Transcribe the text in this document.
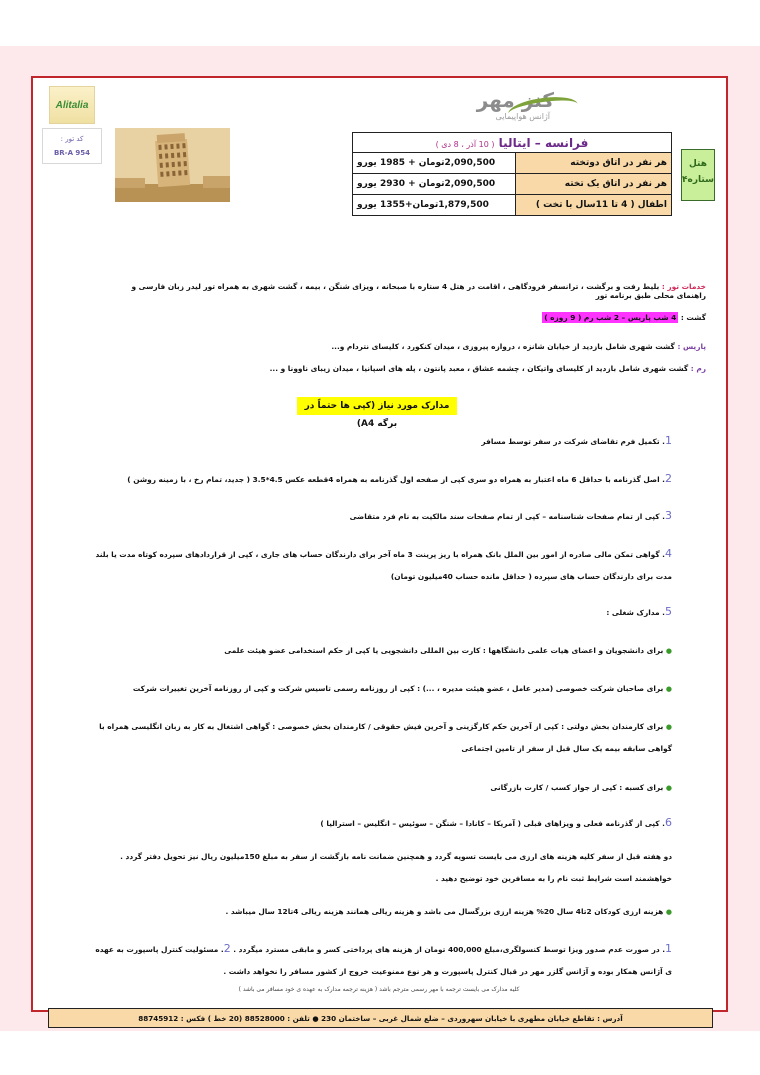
Alitalia
کد تور :
BR-A 954
کنز مهر
آژانس هواپیمایی
فرانسه – ایتالیا ( 10 آذر ، 8 دی )	
هر نفر در اتاق دوتخته	2,090,500تومان + 1985 یورو
هر نفر در اتاق یک تخته	2,090,500تومان + 2930 یورو
اطفال ( 4 تا 11سال با تخت )	1,879,500تومان+1355 یورو
هتل
۴ستاره
خدمات تور : بلیط رفت و برگشت ، ترانسفر فرودگاهی ، اقامت در هتل 4 ستاره با صبحانه ، ویزای شنگن ، بیمه ، گشت شهری به همراه تور لیدر زبان فارسی و راهنمای محلی طبق برنامه تور
گشت : 4 شب پاریس – 2 شب رم ( 9 روزه )
پاریس : گشت شهری شامل بازدید از خیابان شانزه ، دروازه پیروزی ، میدان کنکورد ، کلیسای نتردام و...
رم : گشت شهری شامل بازدید از کلیسای واتیکان ، چشمه عشاق ، معبد پانتون ، پله های اسپانیا ، میدان زیبای ناوونا و ...
مدارک مورد نیاز (کپی ها حتماً در برگه A4)
1. تکمیل فرم تقاضای شرکت در سفر توسط مسافر
2. اصل گذرنامه با حداقل 6 ماه اعتبار به همراه دو سری کپی از صفحه اول گذرنامه به همراه 4قطعه عکس 4.5*3.5 ( جدید، تمام رخ ، با زمینه روشن )
3. کپی از تمام صفحات شناسنامه – کپی از تمام صفحات سند مالکیت به نام فرد متقاضی
4. گواهی تمکن مالی صادره از امور بین الملل بانک همراه با ریز پرینت 3 ماه آخر برای دارندگان حساب های جاری ، کپی از قراردادهای سپرده کوتاه مدت یا بلند مدت برای دارندگان حساب های سپرده ( حداقل مانده حساب 40میلیون تومان)
5. مدارک شغلی :
● برای دانشجویان و اعضای هیات علمی دانشگاهها : کارت بین المللی دانشجویی یا کپی از حکم استخدامی عضو هیئت علمی
● برای صاحبان شرکت خصوصی (مدیر عامل ، عضو هیئت مدیره ، ...) : کپی از روزنامه رسمی تاسیس شرکت و کپی از روزنامه آخرین تغییرات شرکت
● برای کارمندان بخش دولتی : کپی از آخرین حکم کارگزینی و آخرین فیش حقوقی / کارمندان بخش خصوصی : گواهی اشتغال به کار به زبان انگلیسی همراه با گواهی سابقه بیمه یک سال قبل از سفر از تامین اجتماعی
● برای کسبه : کپی از جواز کسب / کارت بازرگانی
6. کپی از گذرنامه فعلی و ویزاهای قبلی ( آمریکا – کانادا – شنگن – سوئیس – انگلیس – استرالیا )
دو هفته قبل از سفر کلیه هزینه های ارزی می بایست تسویه گردد و همچنین ضمانت نامه بازگشت از سفر به مبلغ 150میلیون ریال نیز تحویل دفتر گردد . خواهشمند است شرایط ثبت نام را به مسافرین خود توضیح دهید .
● هزینه ارزی کودکان 2تا4 سال 20% هزینه ارزی بزرگسال می باشد و هزینه ریالی همانند هزینه ریالی 4تا12 سال میباشد .
1. در صورت عدم صدور ویزا توسط کنسولگری،مبلغ 400,000 تومان از هزینه های پرداختی کسر و مابقی مسترد میگردد . 2. مسئولیت کنترل پاسپورت به عهده ی آژانس همکار بوده و آژانس گلزر مهر در قبال کنترل پاسپورت و هر نوع ممنوعیت خروج از کشور مسافر را نخواهد داشت .
کلیه مدارک می بایست ترجمه با مهر رسمی مترجم باشد ( هزینه ترجمه مدارک به عهده ی خود مسافر می باشد )
آدرس : تقاطع خیابان مطهری با خیابان سهروردی – ضلع شمال غربی – ساختمان 230 ● تلفن : 88528000 (20 خط ) فکس : 88745912
